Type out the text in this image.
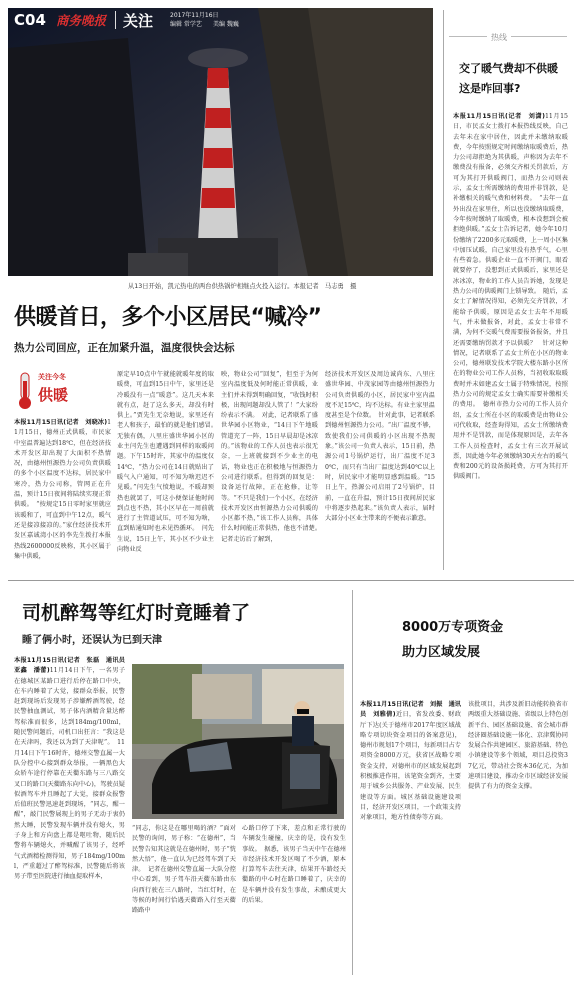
C04 商务晚报 关注	2017年11月16日
编辑 常学艺 美编 魏巍
从13日开始，凯元热电的两台供热锅炉相继点火投入运行。本报记者　马志勇　摄
热线
交了暖气费却不供暖
这是咋回事?
本报11月15日讯(记者　刘潇)11月15日，市民孟女士拨打本报热线反映，自己去年未在家中居住，因此并未缴纳取暖费，今年按照规定时间缴纳取暖费后，热力公司却拒绝为其供暖，声称因为去年不缴费没有报备，必须交齐相关罚款后，方可为其打开供暖阀门，而热力公司则表示，孟女士所需缴纳的费用并非罚款，是补缴相关的暖气费和材料费。　“去年一直外出没在家里住，所以也没缴纳取暖费，今年按时缴纳了取暖费，根本没想到会被拒绝供暖。”孟女士告诉记者，她今年10月份缴纳了2200多元取暖费，上一周小区集中加压试暖，自己家里没有热乎气，心里有些着急。供暖企业一直不开阀门，眼看就要停了，没想到正式供暖后，家里还是冰冰凉，物业的工作人员告诉她，发现是热力公司的供暖阀门上锁导致。　随后，孟女士了解情况得知，必须先交齐罚款，才能给予供暖，原因是孟女士去年不用暖气，并未做报备，对此，孟女士非常不满，为何不交暖气费需要报备报备，并且还需要缴纳罚款才予以供暖？　针对这种情况，记者联系了孟女士所在小区的物业公司，德州联发技术学院大楼东路小区所在的物业公司工作人员称，当初收取取暖费时并未如建孟女士属于特殊情况，按照热力公司的规定孟女士确实需要补缴相关的费用。　德州市热力公司的工作人员介绍，孟女士所在小区的取暖费是由物业公司代收取，经查询得知，孟女士所缴纳费用并不是罚款，而是体现原因是，去年各工作人员检查时，孟女士有三次开展试票，因此她今年必须缴纳30天左右的暖气费和200元的设备损耗费，方可为其打开供暖阀门。
供暖首日，多个小区居民“喊冷”
热力公司回应，正在加紧升温，温度很快会达标
关注今冬
供暖
本报11月15日讯(记者　刘晓冰)11月15日，德州正式供暖，市民家中室温普遍达到18℃，但在经济技术开发区却出现了大面积不热情况，由德州恒源热力公司负责供暖的多个小区温度不达标，居民家中寒冷，热力公司称，管网正在升温，预计15日夜间将陆续实现正常供暖。　“按规定15日零时家里就应该暖和了，可直到中午12点，暖气还是接凉接凉的。”家住经济技术开发区嘉诚湾小区的李先生拨打本报热线2600000反映称，其小区属于集中供暖，
原定早10点中午就能就暖年度的取暖费，可直到15日中午，家里还是冷暖没有一点“暖意”。这几天本来就有点，赶了这么多天，却没有时供上。”贾先生无奈地说，家里还有老人和孩子，最怕的就是他们感冒。　无独有偶，八里庄盛世华园小区的业主闫先生也遭遇到同样的取暖问题。下午15时许，其家中的温度仅14℃，“热力公司在14日就贴出了暖气入户通知，可不知为啥迟迟不见暖。”闫先生气愤地说，不暖却预热也就罢了，可这小便保证他时间到点也不热，其小区早在一周前就进行了主管道试压，可不知为啥，直到贴通知时也未见热循环。　闫先生说，15日上午，其小区不少业主向物业反
映，物业公司“回复”，但至于为何室内温度低及何时能正常供暖，业主们并未得到明确回复，“收钱时积极，出现问题却没人管了！”大家纷纷表示不满。　对此，记者联系了盛世华园小区物业，“14日下午地暖管道充了一阵，15日早晨却是冰凉的。”该物业的工作人员也表示很无奈，一上班就接到不少业主的电话，物业也正在积极地与恒源热力公司进行联系。但得到的回复是：设备运行故障，正在抢修，让等等。“不只是我们一个小区，在经济技术开发区由恒源热力公司供暖的小区都不热，”该工作人员称，具体什么时间能正常供热，他也不清楚。　记者走访后了解到，
经济技术开发区及周边诚尚东、八里庄盛世华园、中茂家园等由德州恒源热力公司负责供暖的小区，居民家中室内温度不足15℃，均不达标。有业主家里温度甚至是个位数。　针对此事，记者联系到德州恒源热力公司。“出厂温度不够，致使我们公司供暖的小区出现不热现象。”该公司一负责人表示，15日前，热源公司1号锅炉运行，出厂温度不足30℃，而只有当出厂温度达到40℃以上时，居民家中才能明显感到温暖。“15日上午，热源公司启用了2号锅炉，目前，一直在升温，预计15日夜间居民家中将逐步热起来。”该负责人表示，届时大部分小区业主带来的不便表示歉意。
司机醉驾等红灯时竟睡着了
睡了俩小时，还误认为已到天津
本报11月15日讯(记者　张磊　通讯员　亚鑫　潘蕾)11月14日下午，一名男子在德城区某路口进行后停在路口中央，在车内睡着了大觉，接群众举报，民警赶到现场后发现男子涉嫌醉酒驾驶，经民警抽血测试，男子体内酒精含量达醉驾标准而很多，达到184mg/100ml，随民警问题后，司机口出狂言：“我这是在天津吗，我还以为到了天津呢”。　11月14日下午16时许，德州交警直属一大队分控中心接到群众举报，一辆黑色大众轿车途行停靠在天衢东路与三八路交叉口的路口(天衢路东向中心)，驾驶员疑似酒驾车并且睡起了大觉，接群众报警后值班民警迅速赶到现场，“同志，醒一醒”，敲门民警展现上的男子无动于衷仍然大睡，民警发现车辆并没有熄火，男子身上和方向盘上都是呕吐物，随后民警将车辆熄火，并喊醒了该男子，经呼气式酒精检测得知，男子184mg/100ml，严重超过了醉驾标准，民警随后将该男子带至医院进行抽血提取样本，
“同志，你这是在哪里喝的酒？”面对民警的询问，男子称：“在德州”，当民警告知其这就是在德州时，男子“恍然大悟”，他一直认为已经驾车到了天津。　记者在德州交警直属一大队分控中心看到，男子驾车沿天衢东路由东向西行驶在三八路时，当红灯时，在等候的时间行恰遇天衢路入行至天衢路路中
心路口停了下来，差点和正常行驶的车辆发生碰撞，庆幸的是，没有发生事故。　据悉，该男子当天中午在德州市经济技术开发区喝了不少酒，原本打算驾车去往天津，结果开车路经天衢路的中心时在路口睡着了，庆幸的是车辆并没有发生事故，未酿成更大的后果。
8000万专项资金
助力区域发展
本报11月15日讯(记者　刘振　通讯员　刘雅倩)近日，省发改委、财政厅下达(关于德州市2017年度区域战略专项切块资金项目的备案意见)，德州市规划17个项目，每新项目占专项资金8000万元，获省区战略专项资金支持，对德州市的区域发展起到积极推进作用，该笔资金到齐，主要用于城乡公共服务、产业发展、民生建设等方面。城区基础设施建设项目，经济开发区项目，一个政策支持对象项目，地方性债券等方面。
该批项目，共涉及新旧动能转换省市两级重大基础设施、省级以上特色创新平台、园区基础设施、省会城市群经济圈基础设施一体化、京津冀协同发展合作共建园区、旅游基础、特色小镇建设等多个领域，项目总投资37亿元，带动社会资本36亿元，为加速项目建设，推动全市区域经济发展提供了有力的资金支撑。
